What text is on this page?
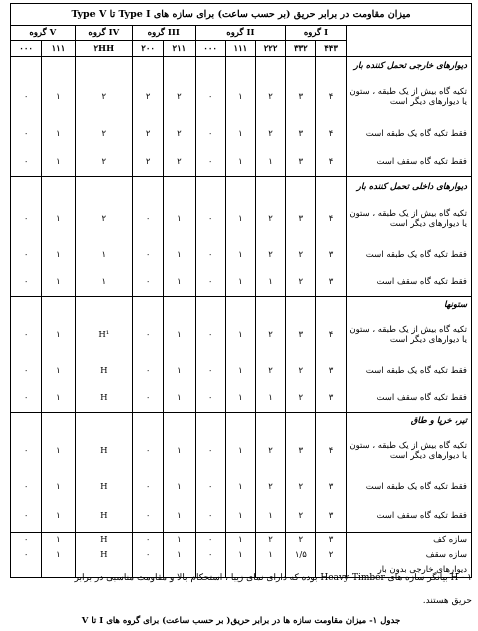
میزان مقاومت در برابر حریق (بر حسب ساعت) برای سازه های Type I تا Type V										
گروه V		گروه IV	گروه III		گروه II			گروه I		
۰۰۰	۱۱۱	۲HH	۲۰۰	۲۱۱	۰۰۰	۱۱۱	۲۲۲	۳۳۲	۴۴۳	
										دیوارهای خارجی تحمل کننده بار
۰	۱	۲	۲	۲	۰	۱	۲	۳	۴	تکیه گاه بیش از یک طبقه ، ستون یا دیوارهای دیگر است
۰	۱	۲	۲	۲	۰	۱	۲	۳	۴	فقط تکیه گاه یک طبقه است
۰	۱	۲	۲	۲	۰	۱	۱	۳	۴	فقط تکیه گاه سقف است
										دیوارهای داخلی تحمل کننده بار
۰	۱	۲	۰	۱	۰	۱	۲	۳	۴	تکیه گاه بیش از یک طبقه ، ستون یا دیوارهای دیگر است
۰	۱	۱	۰	۱	۰	۱	۲	۲	۳	فقط تکیه گاه یک طبقه است
۰	۱	۱	۰	۱	۰	۱	۱	۲	۳	فقط تکیه گاه سقف است
										ستونها
۰	۱	H¹	۰	۱	۰	۱	۲	۳	۴	تکیه گاه بیش از یک طبقه ، ستون یا دیوارهای دیگر است
۰	۱	H	۰	۱	۰	۱	۲	۲	۳	فقط تکیه گاه یک طبقه است
۰	۱	H	۰	۱	۰	۱	۱	۲	۳	فقط تکیه گاه سقف است
										تیر، خرپا و طاق
۰	۱	H	۰	۱	۰	۱	۲	۳	۴	تکیه گاه بیش از یک طبقه ، ستون یا دیوارهای دیگر است
۰	۱	H	۰	۱	۰	۱	۲	۲	۳	فقط تکیه گاه یک طبقه است
۰	۱	H	۰	۱	۰	۱	۱	۲	۳	فقط تکیه گاه سقف است
۰	۱	H	۰	۱	۰	۱	۲	۲	۳	سازه کف
۰	۱	H	۰	۱	۰	۱	۱	۱/۵	۲	سازه سقف
										دیوارهای خارجی بدون بار
۱ - H بیانگر سازه های Heavy Timber بوده که دارای نمای زیبا ، استحکام بالا و مقاومت مناسبی در برابر
حریق هستند.
جدول ۱- میزان مقاومت سازه ها در برابر حریق( بر حسب ساعت) برای گروه های I تا V
